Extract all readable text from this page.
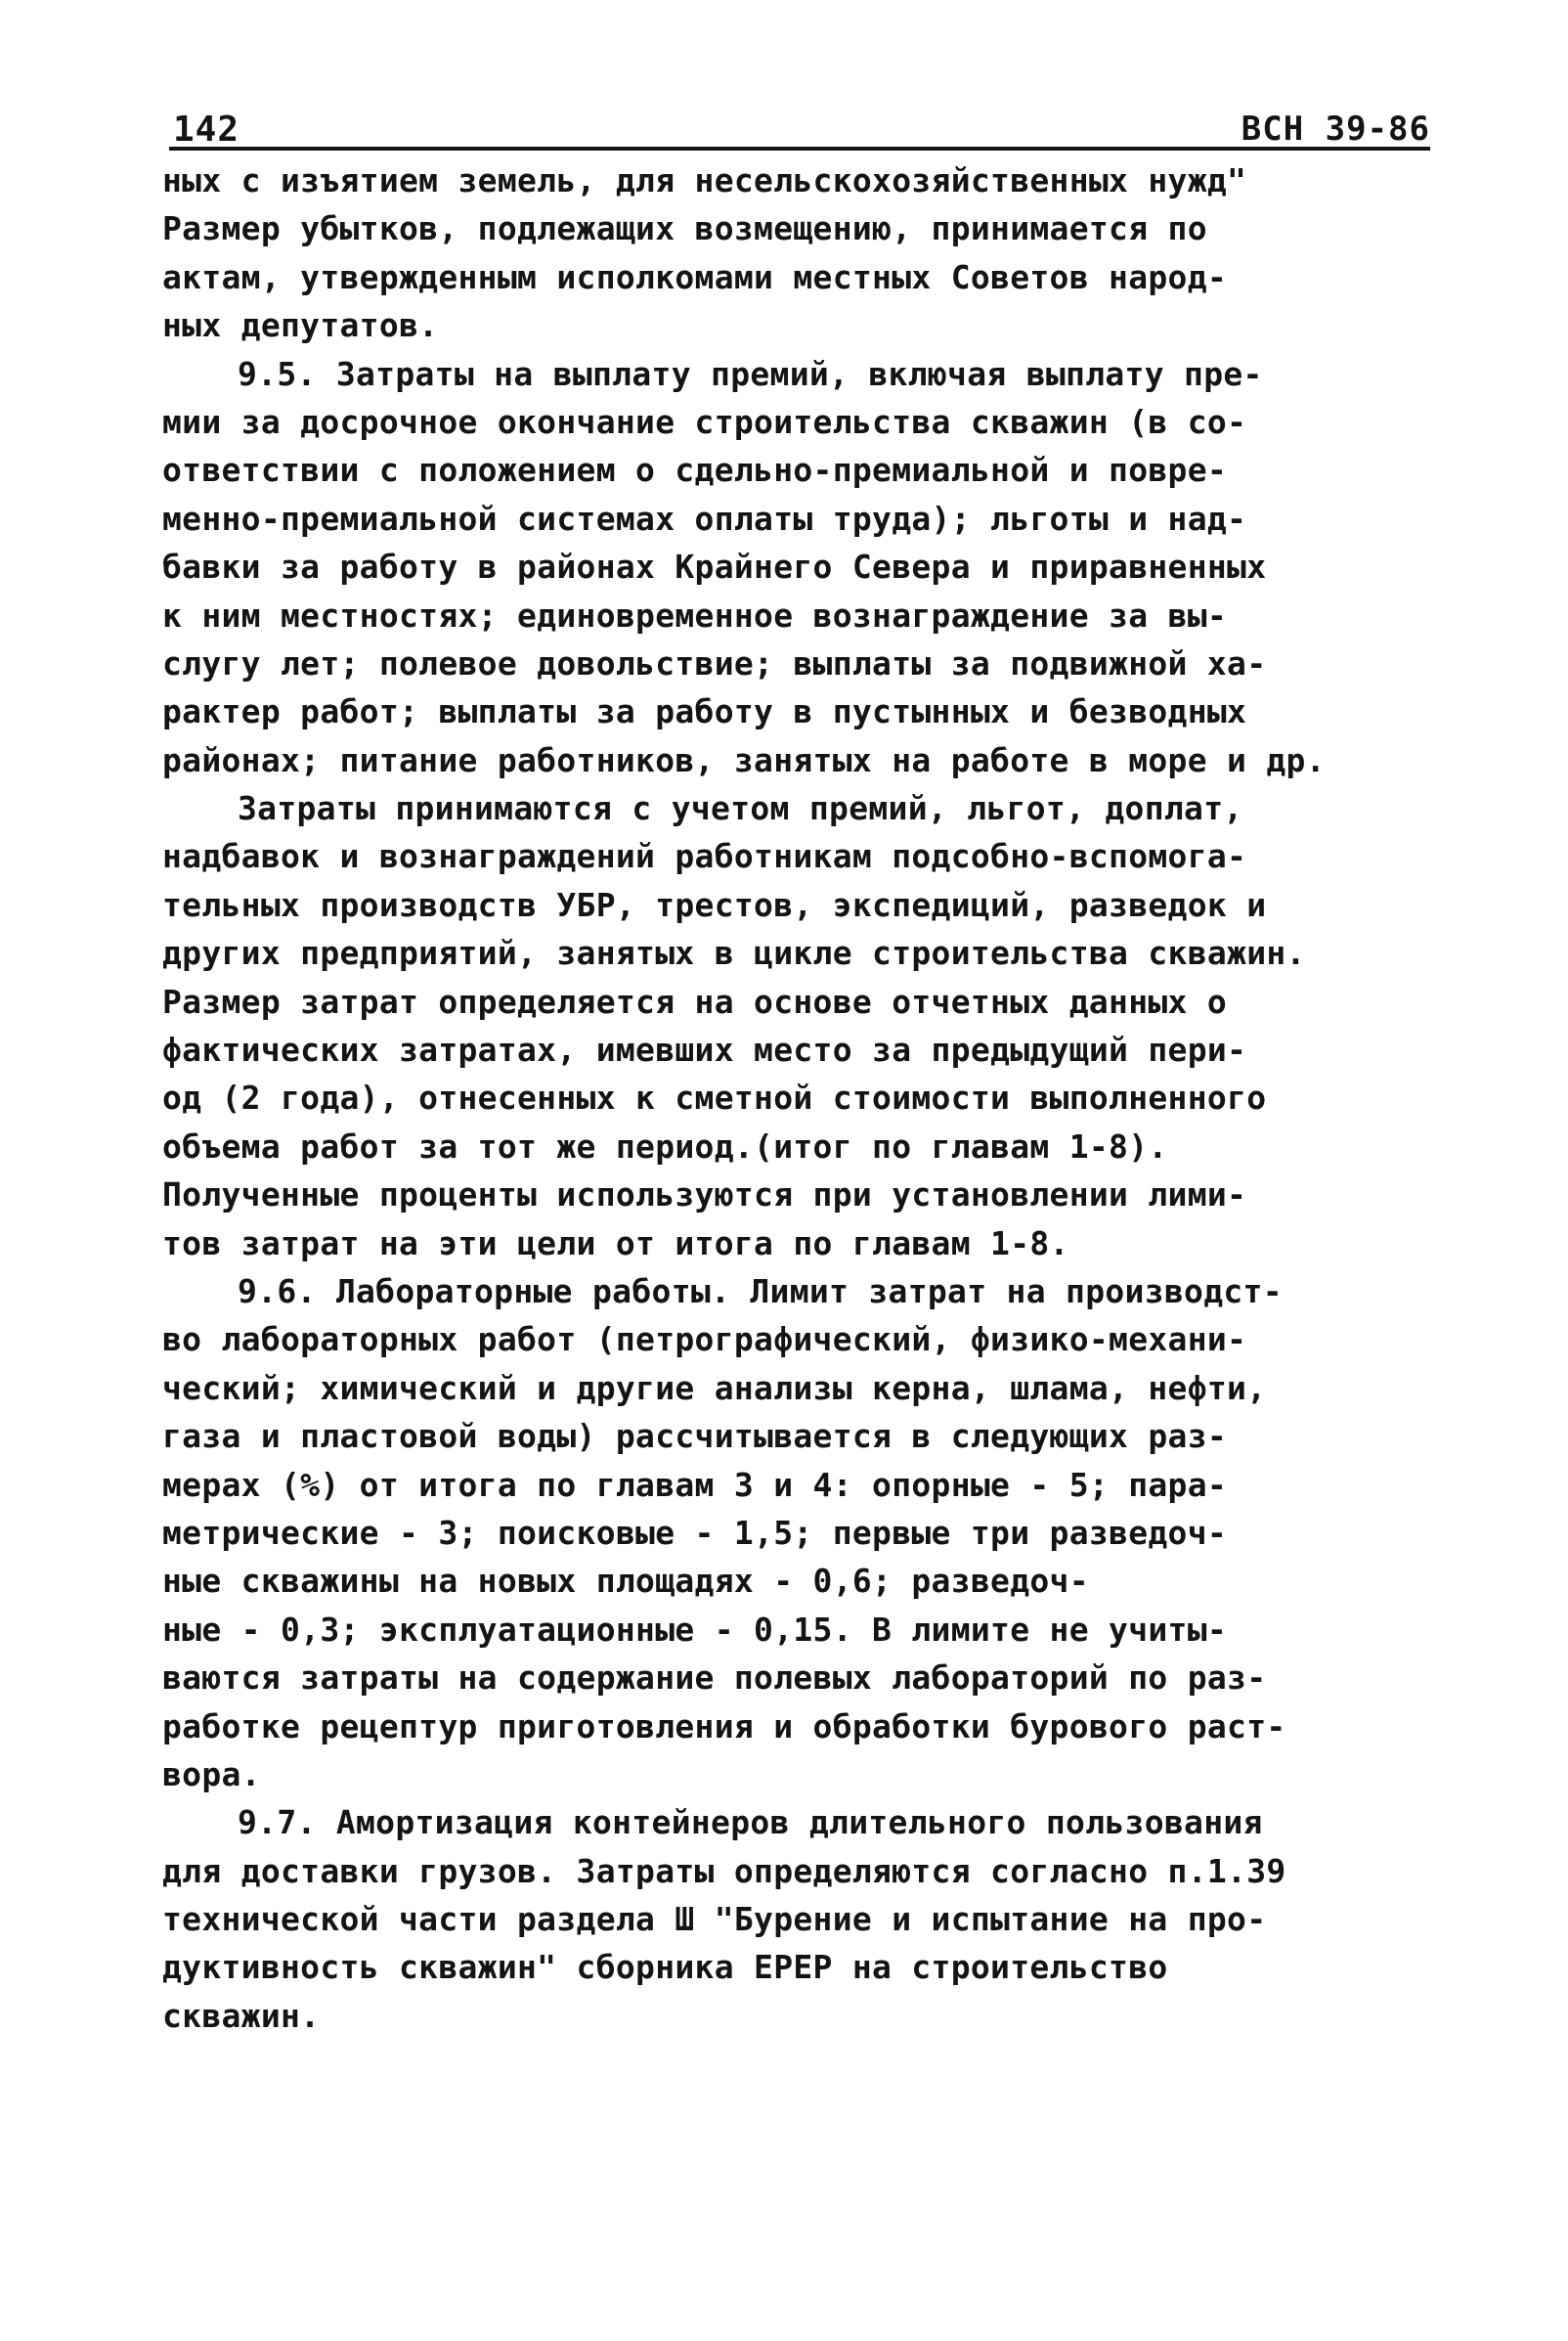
142	ВСН 39-86
ных с изъятием земель, для несельскохозяйственных нужд"
Размер убытков, подлежащих возмещению, принимается по
актам, утвержденным исполкомами местных Советов народ-
ных депутатов.
9.5. Затраты на выплату премий, включая выплату пре-
мии за досрочное окончание строительства скважин (в со-
ответствии с положением о сдельно-премиальной и повре-
менно-премиальной системах оплаты труда); льготы и над-
бавки за работу в районах Крайнего Севера и приравненных
к ним местностях; единовременное вознаграждение за вы-
слугу лет; полевое довольствие; выплаты за подвижной ха-
рактер работ; выплаты за работу в пустынных и безводных
районах; питание работников, занятых на работе в море и др.
Затраты принимаются с учетом премий, льгот, доплат,
надбавок и вознаграждений работникам подсобно-вспомога-
тельных производств УБР, трестов, экспедиций, разведок и
других предприятий, занятых в цикле строительства скважин.
Размер затрат определяется на основе отчетных данных о
фактических затратах, имевших место за предыдущий пери-
од (2 года), отнесенных к сметной стоимости выполненного
объема работ за тот же период.(итог по главам 1-8).
Полученные проценты используются при установлении лими-
тов затрат на эти цели от итога по главам 1-8.
9.6. Лабораторные работы. Лимит затрат на производст-
во лабораторных работ (петрографический, физико-механи-
ческий; химический и другие анализы керна, шлама, нефти,
газа и пластовой воды) рассчитывается в следующих раз-
мерах (%) от итога по главам 3 и 4: опорные - 5; пара-
метрические - 3; поисковые - 1,5; первые три разведоч-
ные скважины на новых площадях - 0,6; разведоч-
ные - 0,3; эксплуатационные - 0,15. В лимите не учиты-
ваются затраты на содержание полевых лабораторий по раз-
работке рецептур приготовления и обработки бурового раст-
вора.
9.7. Амортизация контейнеров длительного пользования
для доставки грузов. Затраты определяются согласно п.1.39
технической части раздела Ш "Бурение и испытание на про-
дуктивность скважин" сборника ЕРЕР на строительство
скважин.
